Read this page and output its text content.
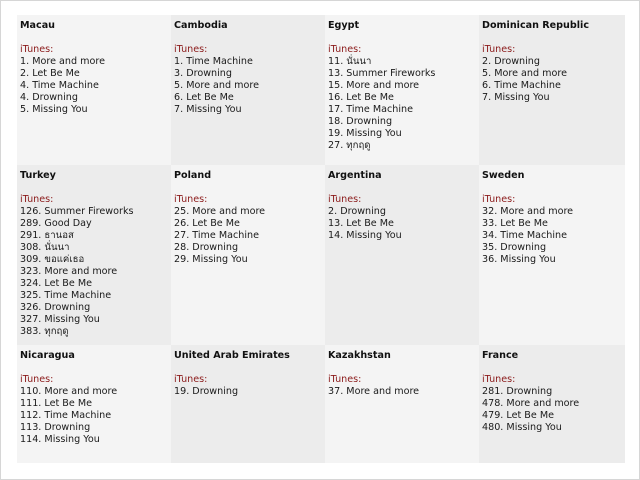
Macau
iTunes:
1. More and more
2. Let Be Me
4. Time Machine
4. Drowning
5. Missing You
Cambodia
iTunes:
1. Time Machine
3. Drowning
5. More and more
6. Let Be Me
7. Missing You
Egypt
iTunes:
11. นั่นนา
13. Summer Fireworks
15. More and more
16. Let Be Me
17. Time Machine
18. Drowning
19. Missing You
27. ทุกฤดู
Dominican Republic
iTunes:
2. Drowning
5. More and more
6. Time Machine
7. Missing You
Turkey
iTunes:
126. Summer Fireworks
289. Good Day
291. ธานอส
308. นั่นนา
309. ขอแค่เธอ
323. More and more
324. Let Be Me
325. Time Machine
326. Drowning
327. Missing You
383. ทุกฤดู
Poland
iTunes:
25. More and more
26. Let Be Me
27. Time Machine
28. Drowning
29. Missing You
Argentina
iTunes:
2. Drowning
13. Let Be Me
14. Missing You
Sweden
iTunes:
32. More and more
33. Let Be Me
34. Time Machine
35. Drowning
36. Missing You
Nicaragua
iTunes:
110. More and more
111. Let Be Me
112. Time Machine
113. Drowning
114. Missing You
United Arab Emirates
iTunes:
19. Drowning
Kazakhstan
iTunes:
37. More and more
France
iTunes:
281. Drowning
478. More and more
479. Let Be Me
480. Missing You
